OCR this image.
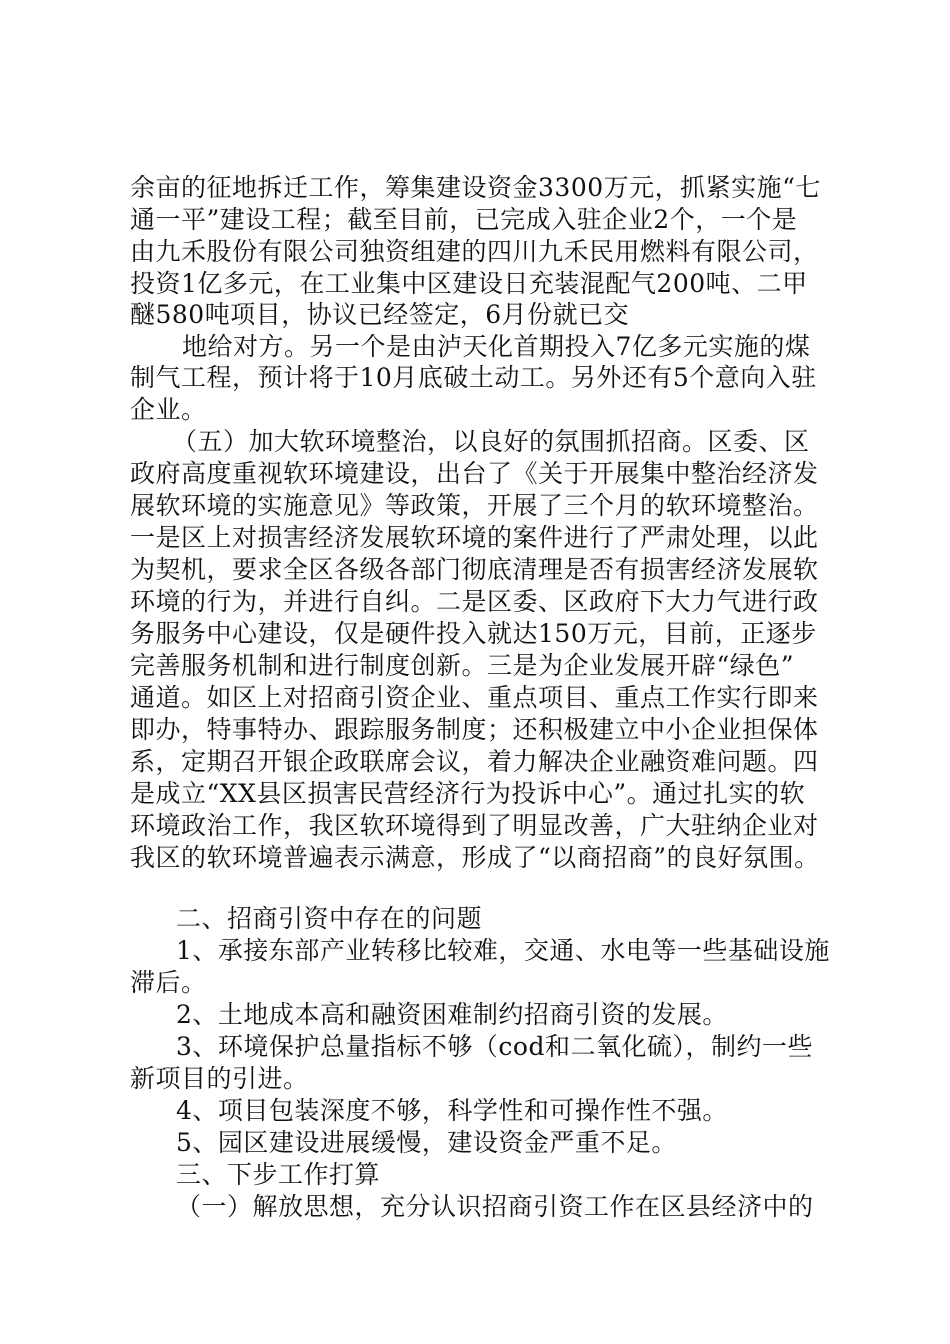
余亩的征地拆迁工作，筹集建设资金3300万元，抓紧实施“七
通一平”建设工程；截至目前，已完成入驻企业2个，一个是
由九禾股份有限公司独资组建的四川九禾民用燃料有限公司，
投资1亿多元，在工业集中区建设日充装混配气200吨、二甲
醚580吨项目，协议已经签定，6月份就已交
地给对方。另一个是由泸天化首期投入7亿多元实施的煤
制气工程，预计将于10月底破土动工。另外还有5个意向入驻
企业。
（五）加大软环境整治，以良好的氛围抓招商。区委、区
政府高度重视软环境建设，出台了《关于开展集中整治经济发
展软环境的实施意见》等政策，开展了三个月的软环境整治。
一是区上对损害经济发展软环境的案件进行了严肃处理，以此
为契机，要求全区各级各部门彻底清理是否有损害经济发展软
环境的行为，并进行自纠。二是区委、区政府下大力气进行政
务服务中心建设，仅是硬件投入就达150万元，目前，正逐步
完善服务机制和进行制度创新。三是为企业发展开辟“绿色”
通道。如区上对招商引资企业、重点项目、重点工作实行即来
即办，特事特办、跟踪服务制度；还积极建立中小企业担保体
系，定期召开银企政联席会议，着力解决企业融资难问题。四
是成立“XX县区损害民营经济行为投诉中心”。通过扎实的软
环境政治工作，我区软环境得到了明显改善，广大驻纳企业对
我区的软环境普遍表示满意，形成了“以商招商”的良好氛围。
二、招商引资中存在的问题
1、承接东部产业转移比较难，交通、水电等一些基础设施
滞后。
2、土地成本高和融资困难制约招商引资的发展。
3、环境保护总量指标不够（cod和二氧化硫），制约一些
新项目的引进。
4、项目包装深度不够，科学性和可操作性不强。
5、园区建设进展缓慢，建设资金严重不足。
三、下步工作打算
（一）解放思想，充分认识招商引资工作在区县经济中的
